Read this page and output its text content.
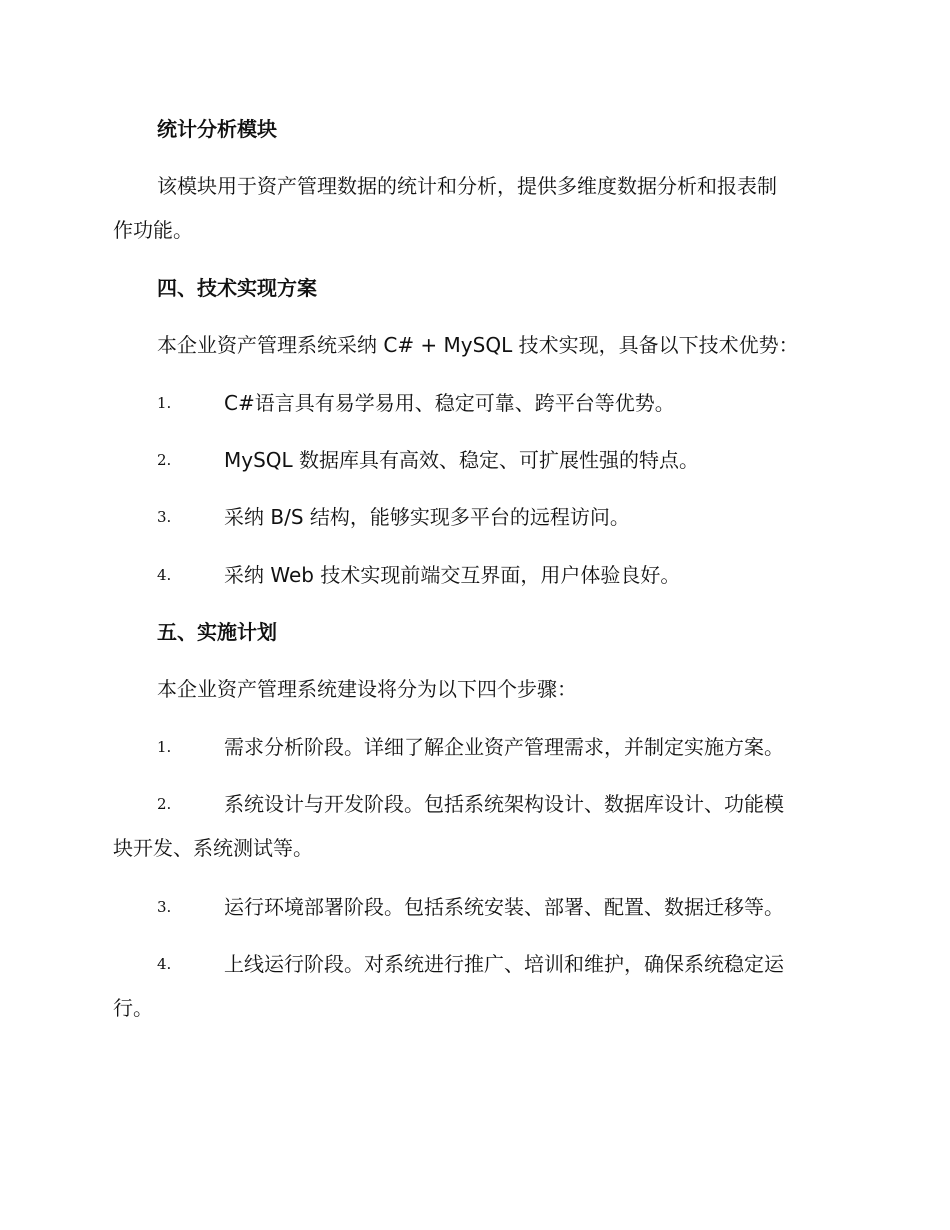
统计分析模块
该模块用于资产管理数据的统计和分析，提供多维度数据分析和报表制
作功能。
四、技术实现方案
本企业资产管理系统采纳 C# + MySQL 技术实现，具备以下技术优势：
1.	C#语言具有易学易用、稳定可靠、跨平台等优势。
2.	MySQL 数据库具有高效、稳定、可扩展性强的特点。
3.	采纳 B/S 结构，能够实现多平台的远程访问。
4.	采纳 Web 技术实现前端交互界面，用户体验良好。
五、实施计划
本企业资产管理系统建设将分为以下四个步骤：
1.	需求分析阶段。详细了解企业资产管理需求，并制定实施方案。
2.	系统设计与开发阶段。包括系统架构设计、数据库设计、功能模
块开发、系统测试等。
3.	运行环境部署阶段。包括系统安装、部署、配置、数据迁移等。
4.	上线运行阶段。对系统进行推广、培训和维护，确保系统稳定运
行。
